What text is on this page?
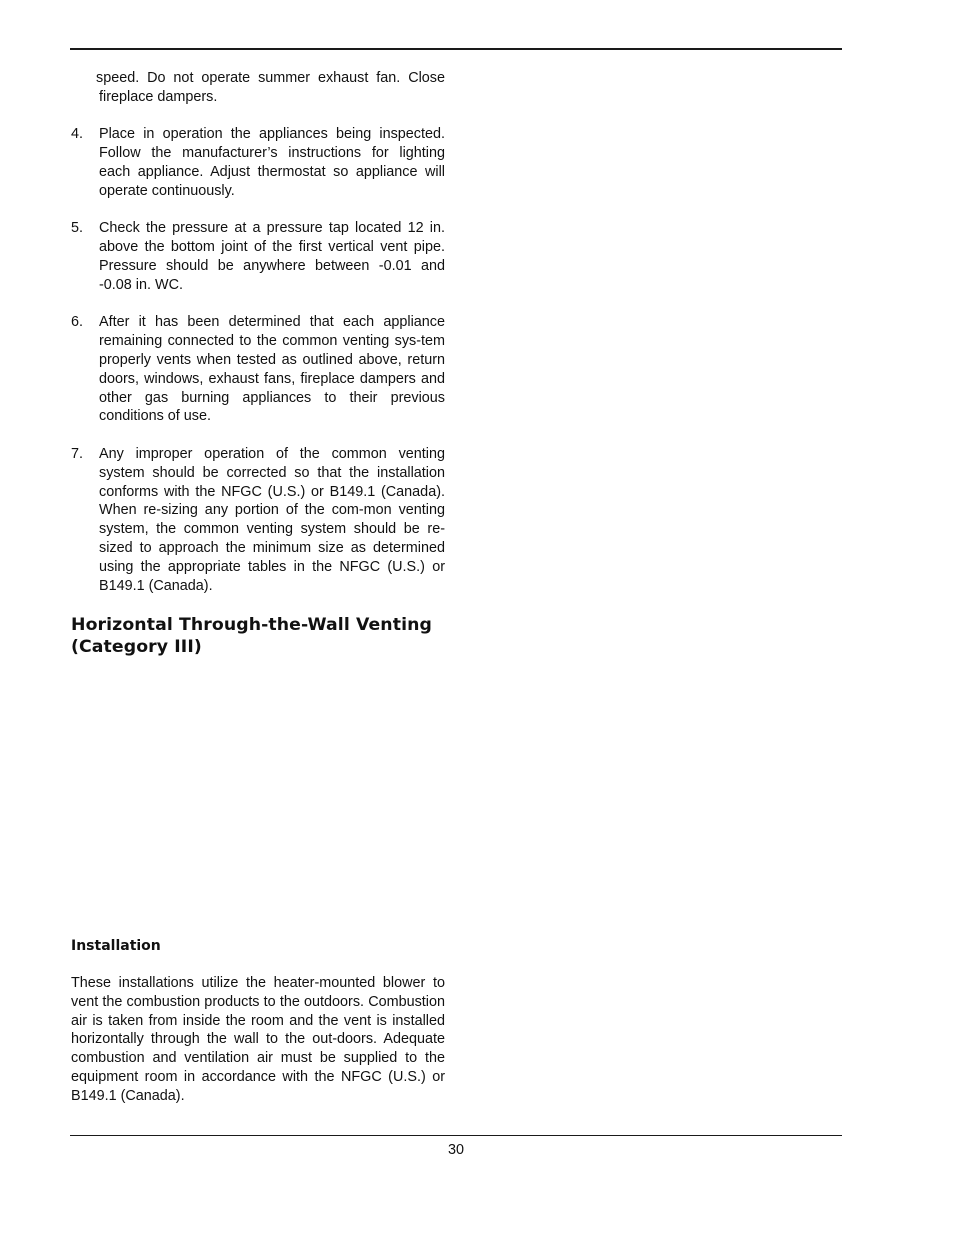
speed. Do not operate summer exhaust fan. Close fireplace dampers.

4.	Place in operation the appliances being inspected. Follow the manufacturer’s instructions for lighting each appliance. Adjust thermostat so appliance will operate continuously.
5.	Check the pressure at a pressure tap located 12 in. above the bottom joint of the first vertical vent pipe. Pressure should be anywhere between -0.01 and -0.08 in. WC.
6.	After it has been determined that each appliance remaining connected to the common venting sys-tem properly vents when tested as outlined above, return doors, windows, exhaust fans, fireplace dampers and other gas burning appliances to their previous conditions of use.
7.	Any improper operation of the common venting system should be corrected so that the installation conforms with the NFGC (U.S.) or B149.1 (Canada). When re-sizing any portion of the com-mon venting system, the common venting system should be re-sized to approach the minimum size as determined using the appropriate tables in the NFGC (U.S.) or B149.1 (Canada).

Horizontal Through-the-Wall Venting

(Category III)

Installation

These installations utilize the heater-mounted blower to vent the combustion products to the outdoors. Combustion air is taken from inside the room and the vent is installed horizontally through the wall to the out-doors. Adequate combustion and ventilation air must be supplied to the equipment room in accordance with the NFGC (U.S.) or B149.1 (Canada).

30
